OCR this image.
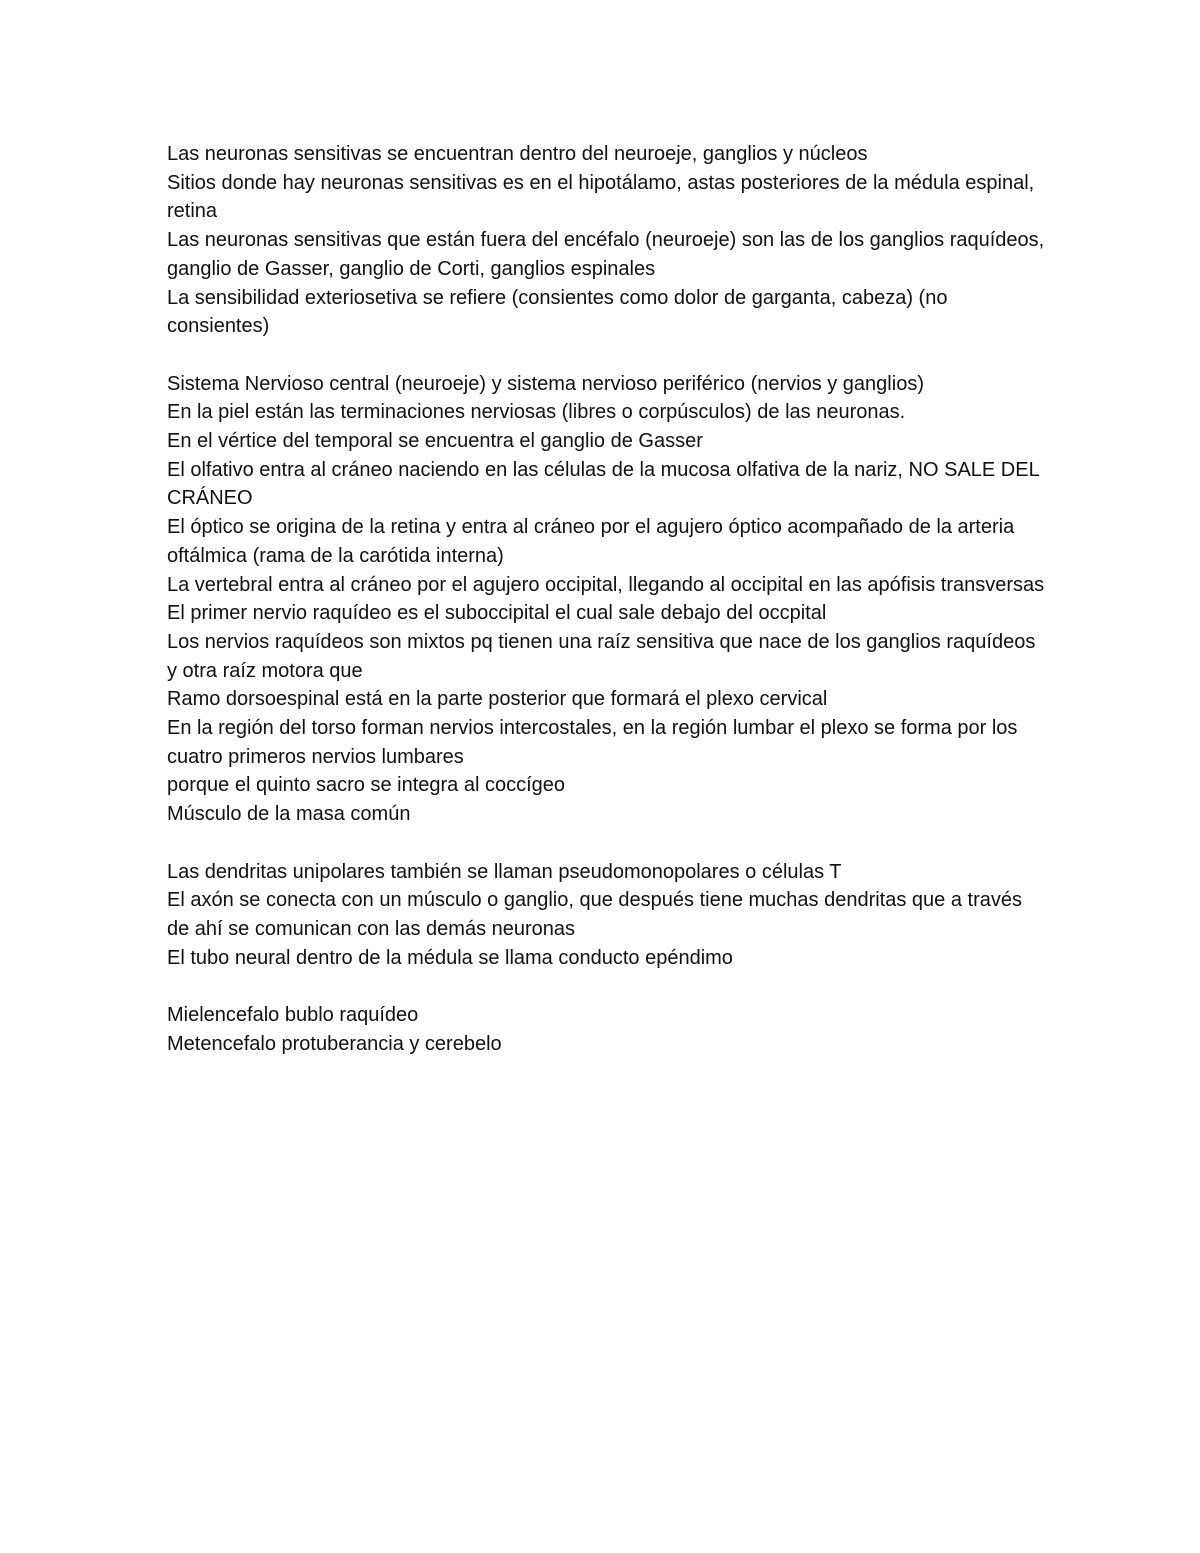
Las neuronas sensitivas se encuentran dentro del neuroeje, ganglios y núcleos

Sitios donde hay neuronas sensitivas es en el hipotálamo, astas posteriores de la médula espinal, retina

Las neuronas sensitivas que están fuera del encéfalo (neuroeje) son las de los ganglios raquídeos, ganglio de Gasser, ganglio de Corti, ganglios espinales

La sensibilidad exteriosetiva se refiere (consientes como dolor de garganta, cabeza) (no consientes)

Sistema Nervioso central (neuroeje) y sistema nervioso periférico (nervios y ganglios)

En la piel están las terminaciones nerviosas (libres o corpúsculos) de las neuronas.

En el vértice del temporal se encuentra el ganglio de Gasser

El olfativo entra al cráneo naciendo en las células de la mucosa olfativa de la nariz, NO SALE DEL CRÁNEO

El óptico se origina de la retina y entra al cráneo por el agujero óptico acompañado de la arteria oftálmica (rama de la carótida interna)

La vertebral entra al cráneo por el agujero occipital, llegando al occipital en las apófisis transversas

El primer nervio raquídeo es el suboccipital el cual sale debajo del occpital

Los nervios raquídeos son mixtos pq tienen una raíz sensitiva que nace de los ganglios raquídeos y otra raíz motora que

Ramo dorsoespinal está en la parte posterior que formará el plexo cervical

En la región del torso forman nervios intercostales, en la región lumbar el plexo se forma por los cuatro primeros nervios lumbares

porque el quinto sacro se integra al coccígeo

Músculo de la masa común

Las dendritas unipolares también se llaman pseudomonopolares o células T

El axón se conecta con un músculo o ganglio, que después tiene muchas dendritas que a través de ahí se comunican con las demás neuronas

El tubo neural dentro de la médula se llama conducto epéndimo

Mielencefalo bublo raquídeo

Metencefalo protuberancia y cerebelo
